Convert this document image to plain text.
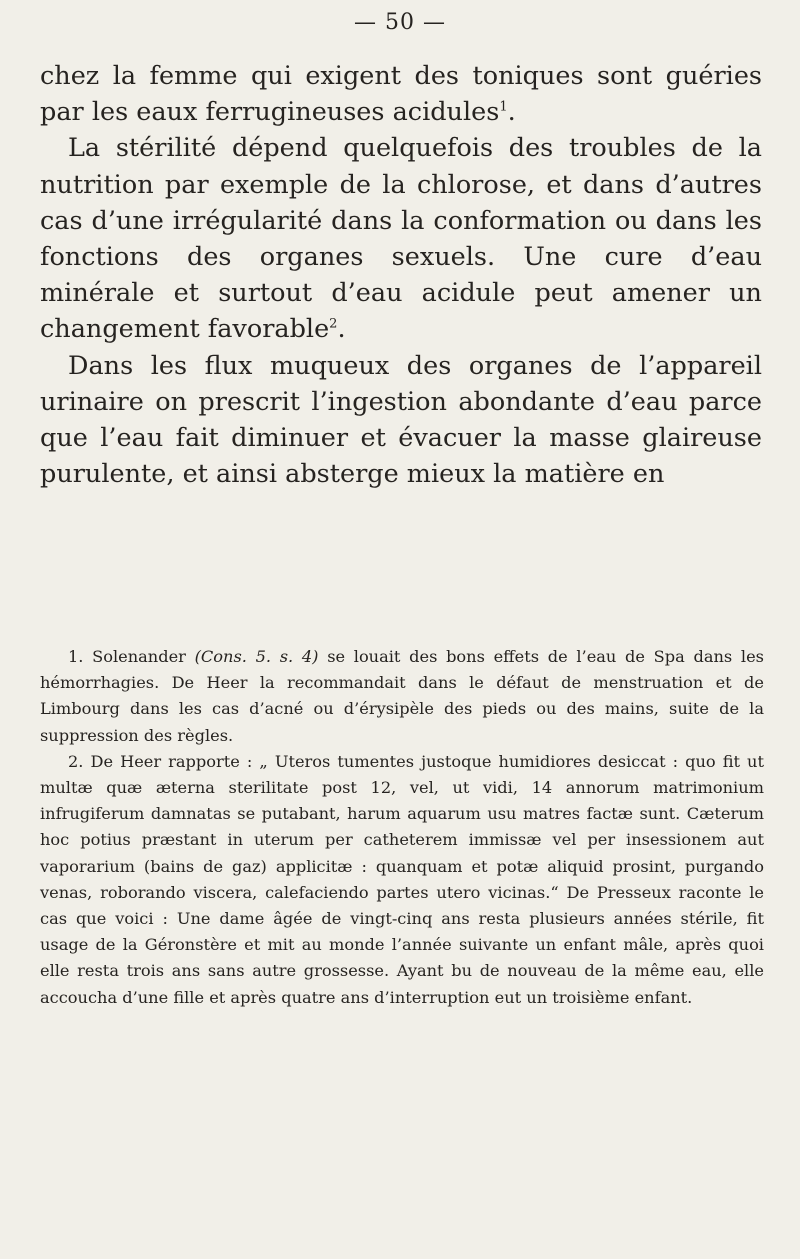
— 50 —

chez la femme qui exigent des toniques sont guéries par les eaux ferrugineuses acidules$^1$.

La stérilité dépend quelquefois des troubles de la nutrition par exemple de la chlorose, et dans d’autres cas d’une irrégularité dans la conformation ou dans les fonctions des organes sexuels. Une cure d’eau minérale et surtout d’eau acidule peut amener un changement favorable$^2$.

Dans les flux muqueux des organes de l’appareil urinaire on prescrit l’ingestion abondante d’eau parce que l’eau fait diminuer et évacuer la masse glaireuse purulente, et ainsi absterge mieux la matière en

1. Solenander (Cons. 5. s. 4) se louait des bons effets de l’eau de Spa dans les hémorrhagies. De Heer la recommandait dans le défaut de menstruation et de Limbourg dans les cas d’acné ou d’érysipèle des pieds ou des mains, suite de la suppression des règles.

2. De Heer rapporte : „ Uteros tumentes justoque humidiores desiccat : quo fit ut multæ quæ æterna sterilitate post 12, vel, ut vidi, 14 annorum matrimonium infrugiferum damnatas se putabant, harum aquarum usu matres factæ sunt. Cæterum hoc potius præstant in uterum per catheterem immissæ vel per insessionem aut vaporarium (bains de gaz) applicitæ : quanquam et potæ aliquid prosint, purgando venas, roborando viscera, calefaciendo partes utero vicinas.“ De Presseux raconte le cas que voici : Une dame âgée de vingt-cinq ans resta plusieurs années stérile, fit usage de la Géronstère et mit au monde l’année suivante un enfant mâle, après quoi elle resta trois ans sans autre grossesse. Ayant bu de nouveau de la même eau, elle accoucha d’une fille et après quatre ans d’interruption eut un troisième enfant.
